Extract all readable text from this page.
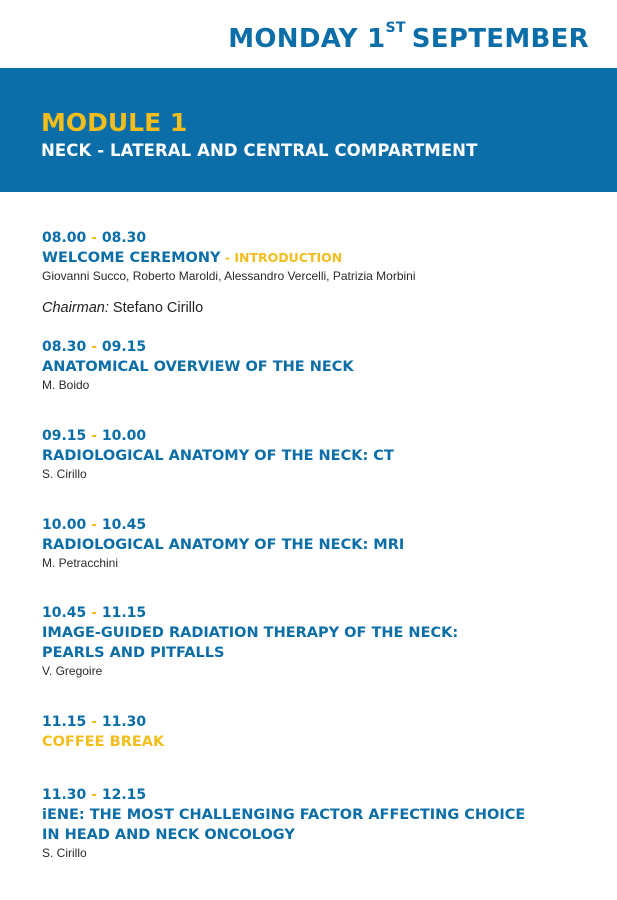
MONDAY 1ST SEPTEMBER
MODULE 1
NECK - LATERAL AND CENTRAL COMPARTMENT
08.00 - 08.30
WELCOME CEREMONY - INTRODUCTION
Giovanni Succo, Roberto Maroldi, Alessandro Vercelli, Patrizia Morbini
Chairman: Stefano Cirillo
08.30 - 09.15
ANATOMICAL OVERVIEW OF THE NECK
M. Boido
09.15 - 10.00
RADIOLOGICAL ANATOMY OF THE NECK: CT
S. Cirillo
10.00 - 10.45
RADIOLOGICAL ANATOMY OF THE NECK: MRI
M. Petracchini
10.45 - 11.15
IMAGE-GUIDED RADIATION THERAPY OF THE NECK:
PEARLS AND PITFALLS
V. Gregoire
11.15 - 11.30
COFFEE BREAK
11.30 - 12.15
iENE: THE MOST CHALLENGING FACTOR AFFECTING CHOICE
IN HEAD AND NECK ONCOLOGY
S. Cirillo
